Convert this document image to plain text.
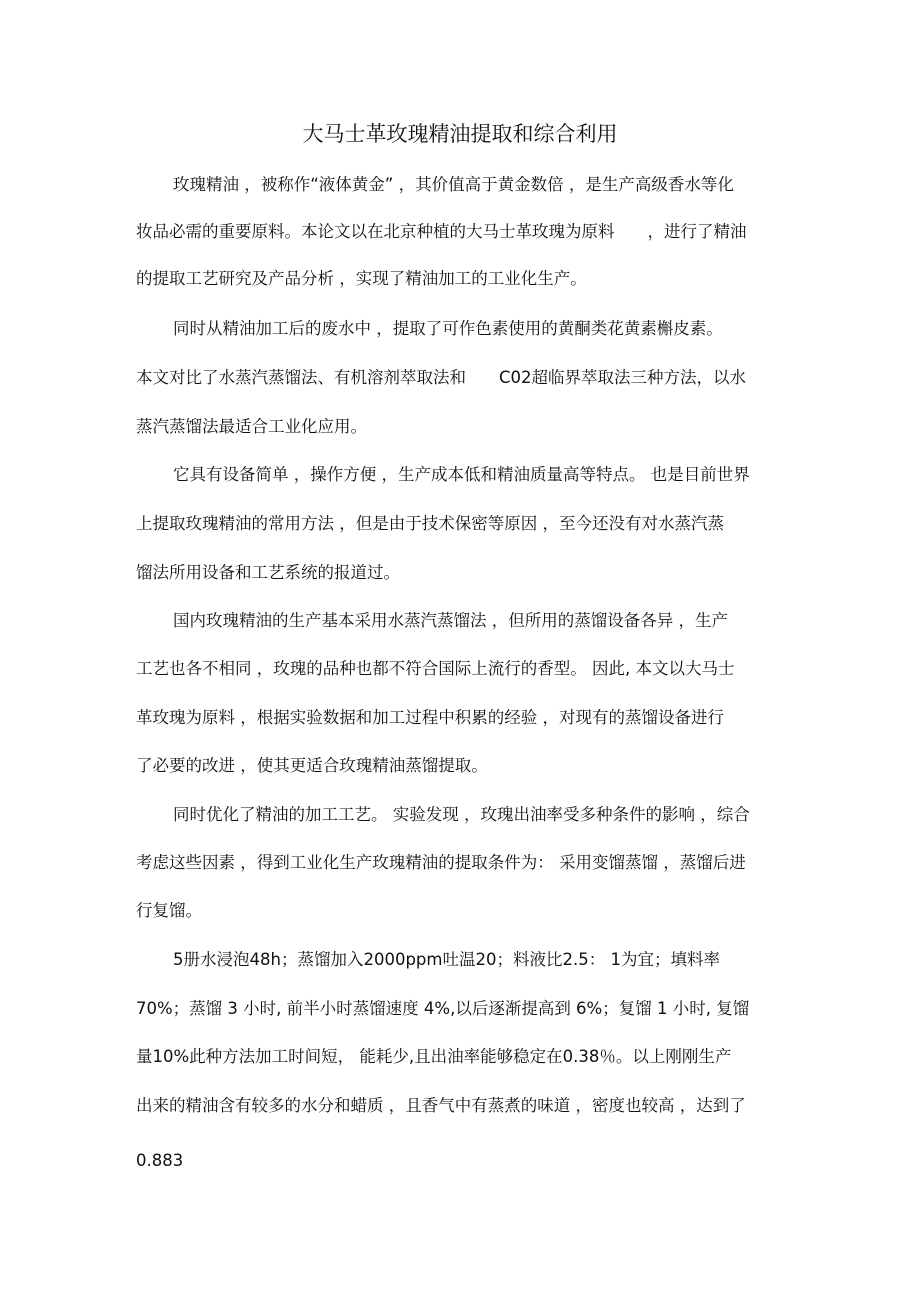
大马士革玫瑰精油提取和综合利用
玫瑰精油 ，被称作“液体黄金” ，其价值高于黄金数倍 ，是生产高级香水等化
妆品必需的重要原料。本论文以在北京种植的大马士革玫瑰为原料　　，进行了精油
的提取工艺研究及产品分析 ，实现了精油加工的工业化生产。
同时从精油加工后的废水中 ，提取了可作色素使用的黄酮类花黄素槲皮素。
本文对比了水蒸汽蒸馏法、有机溶剂萃取法和　　C02超临界萃取法三种方法，以水
蒸汽蒸馏法最适合工业化应用。
它具有设备简单 ，操作方便 ，生产成本低和精油质量高等特点。 也是目前世界
上提取玫瑰精油的常用方法 ，但是由于技术保密等原因 ，至今还没有对水蒸汽蒸
馏法所用设备和工艺系统的报道过。
国内玫瑰精油的生产基本采用水蒸汽蒸馏法 ，但所用的蒸馏设备各异 ，生产
工艺也各不相同 ，玫瑰的品种也都不符合国际上流行的香型。 因此, 本文以大马士
革玫瑰为原料 ，根据实验数据和加工过程中积累的经验 ，对现有的蒸馏设备进行
了必要的改进 ，使其更适合玫瑰精油蒸馏提取。
同时优化了精油的加工工艺。 实验发现 ，玫瑰出油率受多种条件的影响 ，综合
考虑这些因素 ，得到工业化生产玫瑰精油的提取条件为： 采用变馏蒸馏 ，蒸馏后进
行复馏。
5册水浸泡48h；蒸馏加入2000ppm吐温20；料液比2.5： 1为宜；填料率
70%；蒸馏 3 小时, 前半小时蒸馏速度 4%,以后逐渐提高到 6%；复馏 1 小时, 复馏
量10%此种方法加工时间短， 能耗少,且出油率能够稳定在0.38％。以上刚刚生产
出来的精油含有较多的水分和蜡质 ，且香气中有蒸煮的味道 ，密度也较高 ，达到了
0.883
